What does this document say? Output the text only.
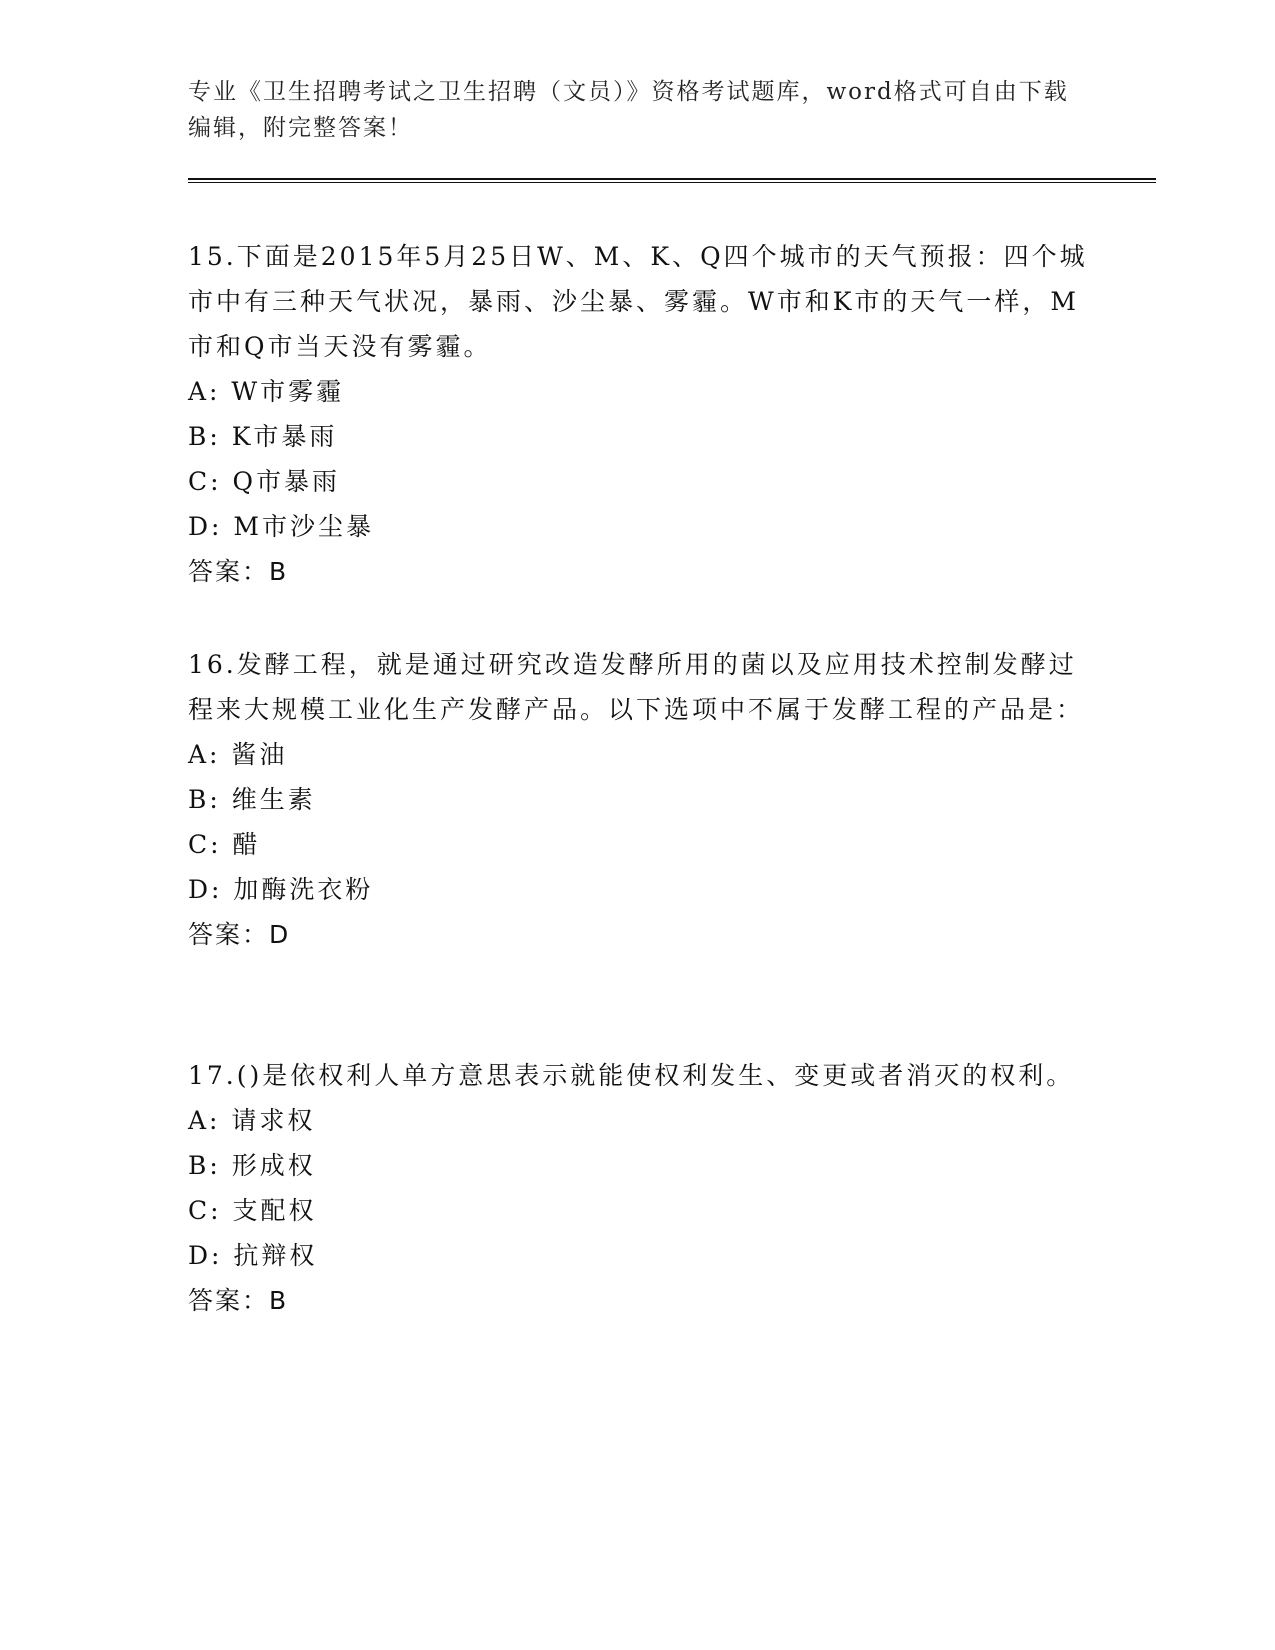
专业《卫生招聘考试之卫生招聘（文员）》资格考试题库，word格式可自由下载编辑，附完整答案！

15.下面是2015年5月25日W、M、K、Q四个城市的天气预报：四个城市中有三种天气状况，暴雨、沙尘暴、雾霾。W市和K市的天气一样，M市和Q市当天没有雾霾。

A: W市雾霾

B: K市暴雨

C: Q市暴雨

D: M市沙尘暴

答案：B

16.发酵工程，就是通过研究改造发酵所用的菌以及应用技术控制发酵过程来大规模工业化生产发酵产品。以下选项中不属于发酵工程的产品是：

A: 酱油

B: 维生素

C: 醋

D: 加酶洗衣粉

答案：D

17.()是依权利人单方意思表示就能使权利发生、变更或者消灭的权利。

A: 请求权

B: 形成权

C: 支配权

D: 抗辩权

答案：B
